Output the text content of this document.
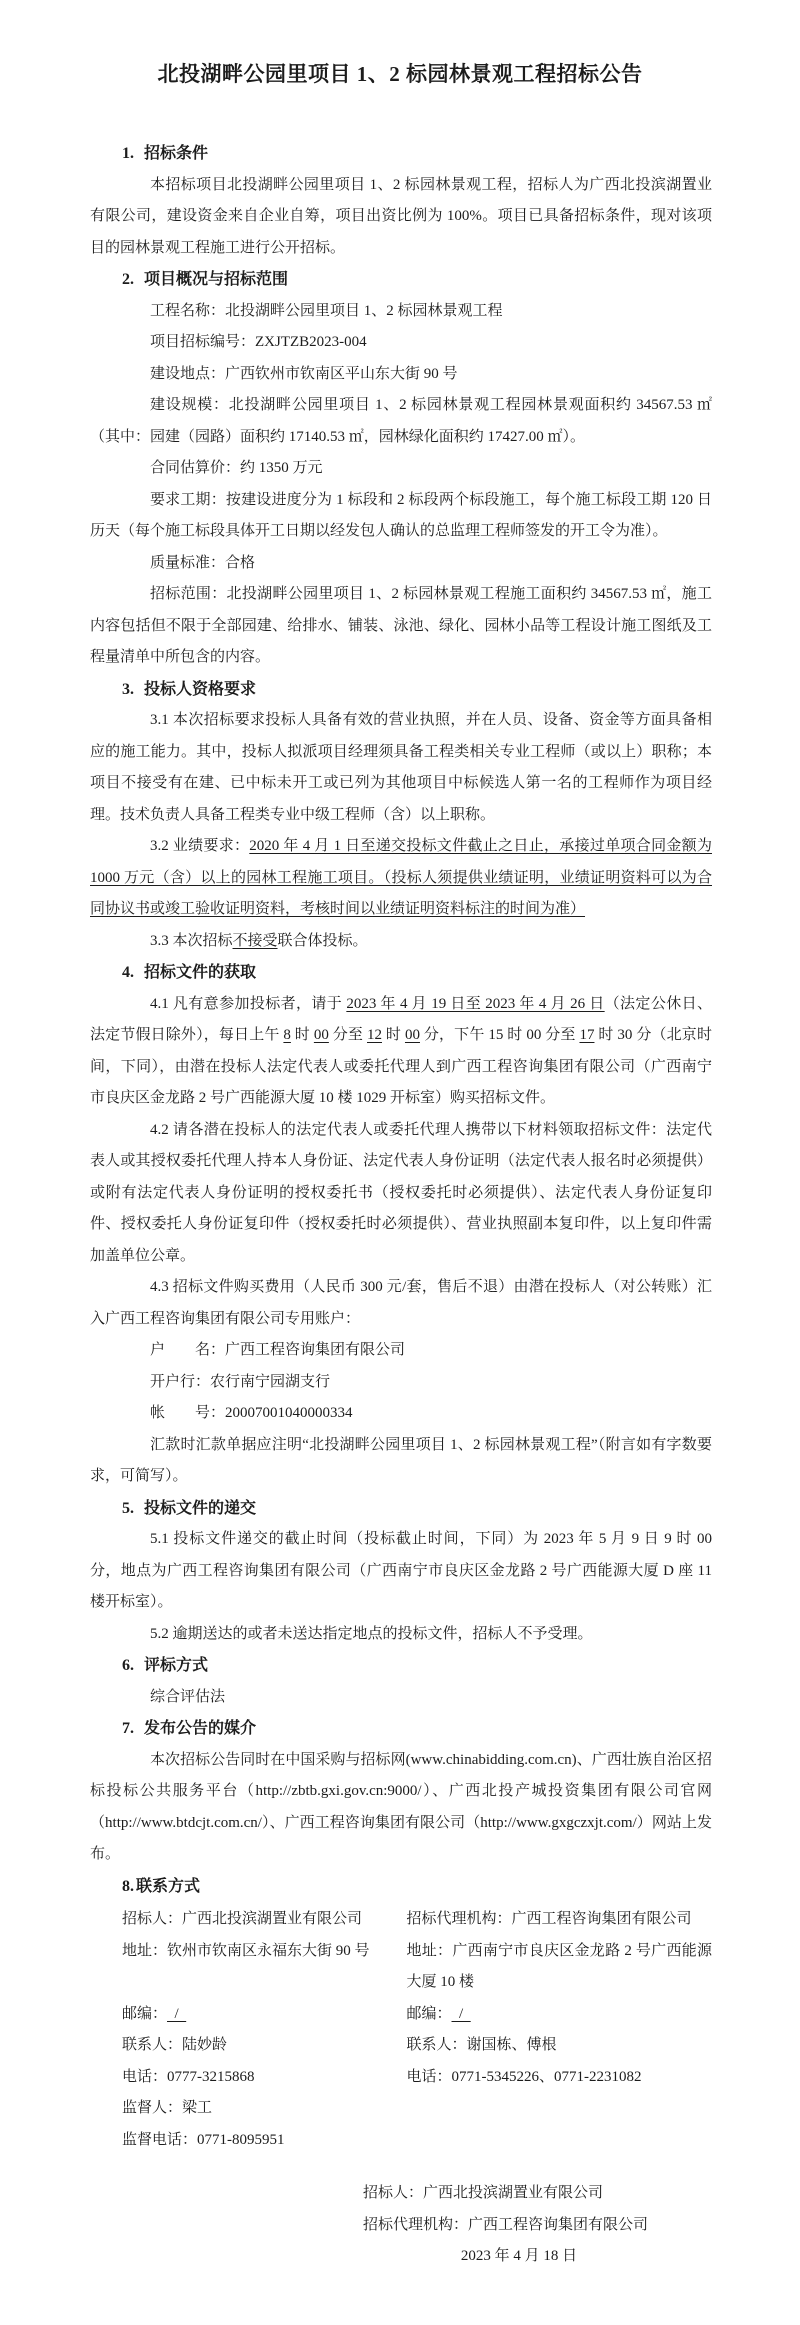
北投湖畔公园里项目 1、2 标园林景观工程招标公告
1. 招标条件

本招标项目北投湖畔公园里项目 1、2 标园林景观工程，招标人为广西北投滨湖置业有限公司，建设资金来自企业自筹，项目出资比例为 100%。项目已具备招标条件，现对该项目的园林景观工程施工进行公开招标。

2. 项目概况与招标范围

工程名称：北投湖畔公园里项目 1、2 标园林景观工程

项目招标编号：ZXJTZB2023-004

建设地点：广西钦州市钦南区平山东大街 90 号

建设规模：北投湖畔公园里项目 1、2 标园林景观工程园林景观面积约 34567.53 ㎡（其中：园建（园路）面积约 17140.53 ㎡，园林绿化面积约 17427.00 ㎡）。

合同估算价：约 1350 万元

要求工期：按建设进度分为 1 标段和 2 标段两个标段施工，每个施工标段工期 120 日历天（每个施工标段具体开工日期以经发包人确认的总监理工程师签发的开工令为准）。

质量标准：合格

招标范围：北投湖畔公园里项目 1、2 标园林景观工程施工面积约 34567.53 ㎡，施工内容包括但不限于全部园建、给排水、铺装、泳池、绿化、园林小品等工程设计施工图纸及工程量清单中所包含的内容。

3. 投标人资格要求

3.1 本次招标要求投标人具备有效的营业执照，并在人员、设备、资金等方面具备相应的施工能力。其中，投标人拟派项目经理须具备工程类相关专业工程师（或以上）职称；本项目不接受有在建、已中标未开工或已列为其他项目中标候选人第一名的工程师作为项目经理。技术负责人具备工程类专业中级工程师（含）以上职称。

3.2 业绩要求：2020 年 4 月 1 日至递交投标文件截止之日止，承接过单项合同金额为 1000 万元（含）以上的园林工程施工项目。（投标人须提供业绩证明，业绩证明资料可以为合同协议书或竣工验收证明资料，考核时间以业绩证明资料标注的时间为准）

3.3 本次招标不接受联合体投标。

4. 招标文件的获取

4.1 凡有意参加投标者，请于 2023 年 4 月 19 日至 2023 年 4 月 26 日（法定公休日、法定节假日除外），每日上午 8 时 00 分至 12 时 00 分，下午 15 时 00 分至 17 时 30 分（北京时间，下同），由潜在投标人法定代表人或委托代理人到广西工程咨询集团有限公司（广西南宁市良庆区金龙路 2 号广西能源大厦 10 楼 1029 开标室）购买招标文件。

4.2 请各潜在投标人的法定代表人或委托代理人携带以下材料领取招标文件：法定代表人或其授权委托代理人持本人身份证、法定代表人身份证明（法定代表人报名时必须提供）或附有法定代表人身份证明的授权委托书（授权委托时必须提供）、法定代表人身份证复印件、授权委托人身份证复印件（授权委托时必须提供）、营业执照副本复印件，以上复印件需加盖单位公章。

4.3 招标文件购买费用（人民币 300 元/套，售后不退）由潜在投标人（对公转账）汇入广西工程咨询集团有限公司专用账户：

户　　名：广西工程咨询集团有限公司

开户行：农行南宁园湖支行

帐　　号：20007001040000334

汇款时汇款单据应注明“北投湖畔公园里项目 1、2 标园林景观工程”（附言如有字数要求，可简写）。

5. 投标文件的递交

5.1 投标文件递交的截止时间（投标截止时间，下同）为 2023 年 5 月 9 日 9 时 00 分，地点为广西工程咨询集团有限公司（广西南宁市良庆区金龙路 2 号广西能源大厦 D 座 11 楼开标室）。

5.2 逾期送达的或者未送达指定地点的投标文件，招标人不予受理。

6. 评标方式

综合评估法

7. 发布公告的媒介

本次招标公告同时在中国采购与招标网(www.chinabidding.com.cn)、广西壮族自治区招标投标公共服务平台（http://zbtb.gxi.gov.cn:9000/）、广西北投产城投资集团有限公司官网（http://www.btdcjt.com.cn/）、广西工程咨询集团有限公司（http://www.gxgczxjt.com/）网站上发布。

8. 联系方式
招标人：广西北投滨湖置业有限公司	招标代理机构：广西工程咨询集团有限公司
地址：钦州市钦南区永福东大街 90 号	地址：广西南宁市良庆区金龙路 2 号广西能源大厦 10 楼
邮编：  /	邮编：  /
联系人：陆妙龄	联系人：谢国栋、傅根
电话：0777-3215868	电话：0771-5345226、0771-2231082
监督人：梁工
监督电话：0771-8095951

招标人：广西北投滨湖置业有限公司

招标代理机构：广西工程咨询集团有限公司

2023 年 4 月 18 日
